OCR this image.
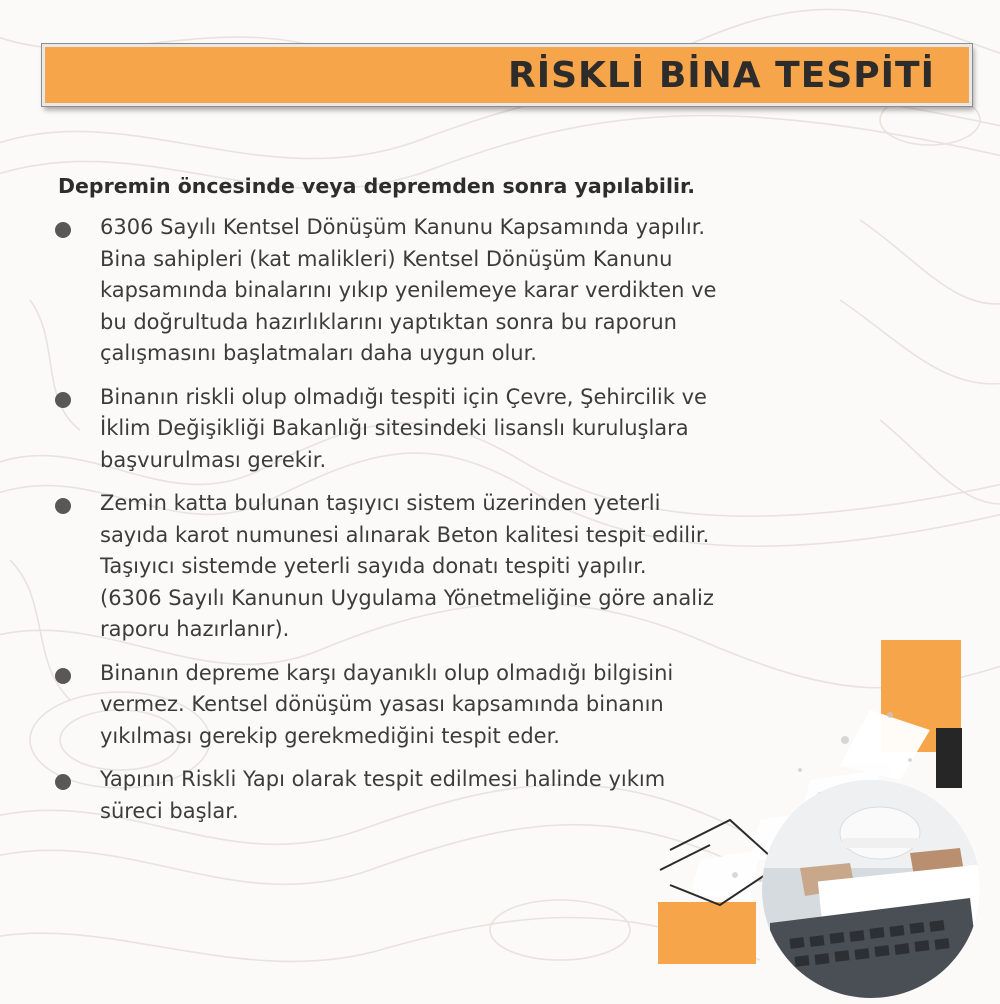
RİSKLİ BİNA TESPİTİ
Depremin öncesinde veya depremden sonra yapılabilir.
6306 Sayılı Kentsel Dönüşüm Kanunu Kapsamında yapılır.
Bina sahipleri (kat malikleri) Kentsel Dönüşüm Kanunu
kapsamında binalarını yıkıp yenilemeye karar verdikten ve
bu doğrultuda hazırlıklarını yaptıktan sonra bu raporun
çalışmasını başlatmaları daha uygun olur.
Binanın riskli olup olmadığı tespiti için Çevre, Şehircilik ve
İklim Değişikliği Bakanlığı sitesindeki lisanslı kuruluşlara
başvurulması gerekir.
Zemin katta bulunan taşıyıcı sistem üzerinden yeterli
sayıda karot numunesi alınarak Beton kalitesi tespit edilir.
Taşıyıcı sistemde yeterli sayıda donatı tespiti yapılır.
(6306 Sayılı Kanunun Uygulama Yönetmeliğine göre analiz
raporu hazırlanır).
Binanın depreme karşı dayanıklı olup olmadığı bilgisini
vermez. Kentsel dönüşüm yasası kapsamında binanın
yıkılması gerekip gerekmediğini tespit eder.
Yapının Riskli Yapı olarak tespit edilmesi halinde yıkım
süreci başlar.
